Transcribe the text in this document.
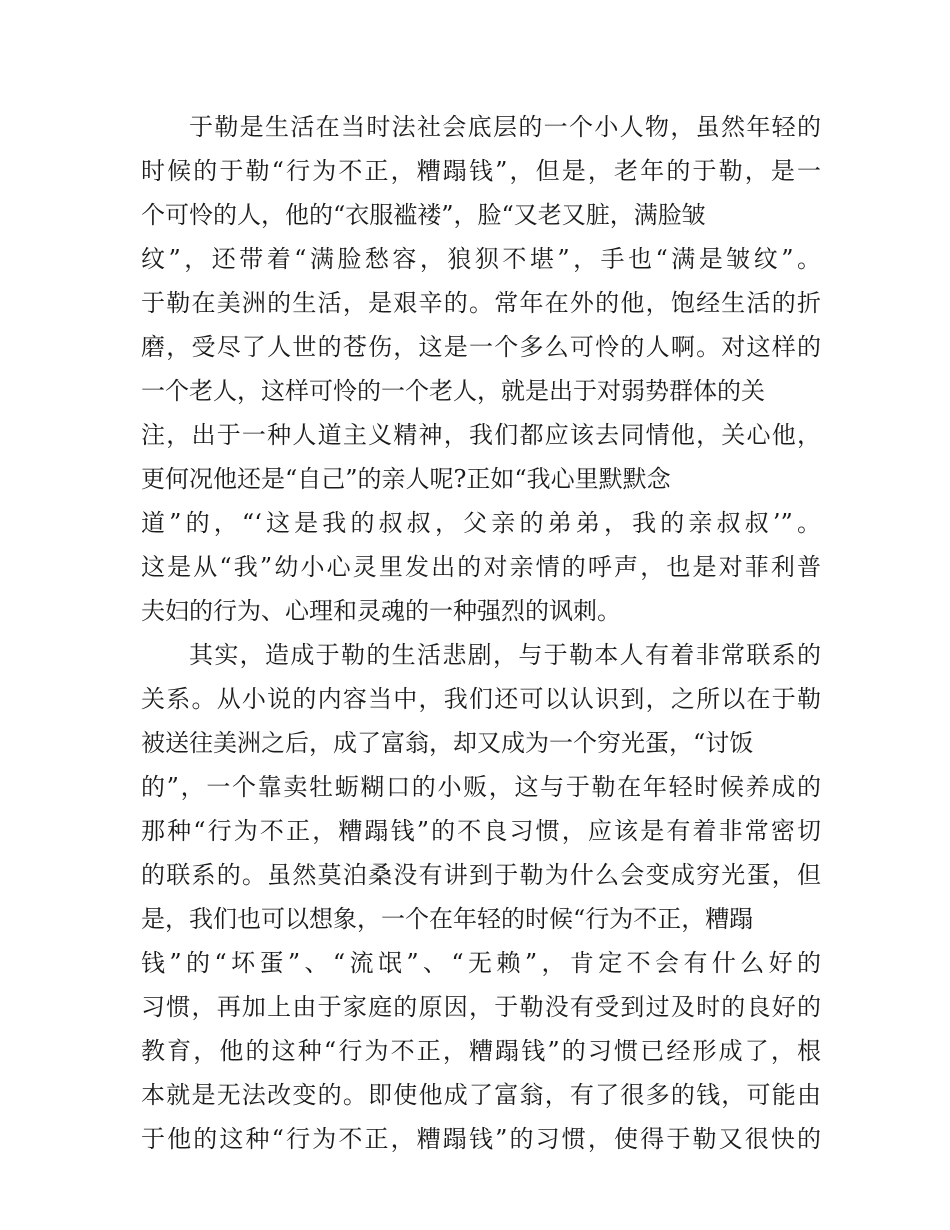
于勒是生活在当时法社会底层的一个小人物，虽然年轻的
时候的于勒“行为不正，糟蹋钱”，但是，老年的于勒，是一
个可怜的人，他的“衣服褴褛”，脸“又老又脏，满脸皱
纹”，还带着“满脸愁容，狼狈不堪”，手也“满是皱纹”。
于勒在美洲的生活，是艰辛的。常年在外的他，饱经生活的折
磨，受尽了人世的苍伤，这是一个多么可怜的人啊。对这样的
一个老人，这样可怜的一个老人，就是出于对弱势群体的关
注，出于一种人道主义精神，我们都应该去同情他，关心他，
更何况他还是“自己”的亲人呢?正如“我心里默默念
道”的，“‘这是我的叔叔，父亲的弟弟，我的亲叔叔’”。
这是从“我”幼小心灵里发出的对亲情的呼声，也是对菲利普
夫妇的行为、心理和灵魂的一种强烈的讽刺。
其实，造成于勒的生活悲剧，与于勒本人有着非常联系的
关系。从小说的内容当中，我们还可以认识到，之所以在于勒
被送往美洲之后，成了富翁，却又成为一个穷光蛋，“讨饭
的”，一个靠卖牡蛎糊口的小贩，这与于勒在年轻时候养成的
那种“行为不正，糟蹋钱”的不良习惯，应该是有着非常密切
的联系的。虽然莫泊桑没有讲到于勒为什么会变成穷光蛋，但
是，我们也可以想象，一个在年轻的时候“行为不正，糟蹋
钱”的“坏蛋”、“流氓”、“无赖”，肯定不会有什么好的
习惯，再加上由于家庭的原因，于勒没有受到过及时的良好的
教育，他的这种“行为不正，糟蹋钱”的习惯已经形成了，根
本就是无法改变的。即使他成了富翁，有了很多的钱，可能由
于他的这种“行为不正，糟蹋钱”的习惯，使得于勒又很快的
